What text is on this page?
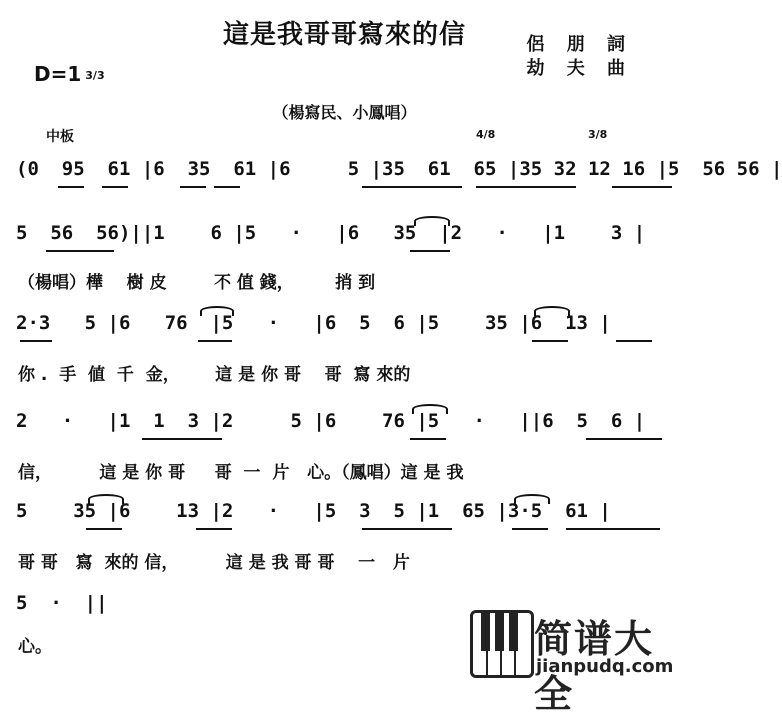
這是我哥哥寫來的信	侶 朋 詞
劫 夫 曲
D=1 3/3
（楊寫民、小鳳唱）
中板	4/8	3/8
(0  95  61 |6  35  61 |6     5 |35  61  65 |35 32 12 16 |5  56 56 |
5  56  56)||1    6 |5   ·   |6   35  |2   ·   |1    3 |
（楊唱）樺    樹 皮        不 值 錢，       捎 到
2·3   5 |6   76  |5   ·   |6  5  6 |5    35 |6  13 |
你 .  手  値  千  金，      這 是 你 哥    哥  寫 來的
2   ·   |1  1  3 |2     5 |6    76 |5   ·   ||6  5  6 |
信，        這 是 你 哥     哥  一  片   心。（鳳唱）這 是 我
5    35 |6    13 |2   ·   |5  3  5 |1  65 |3·5  61 |
哥 哥   寫  來的 信，        這 是 我 哥 哥    一   片
5  ·  ||
心。	简谱大全
jianpudq.com
